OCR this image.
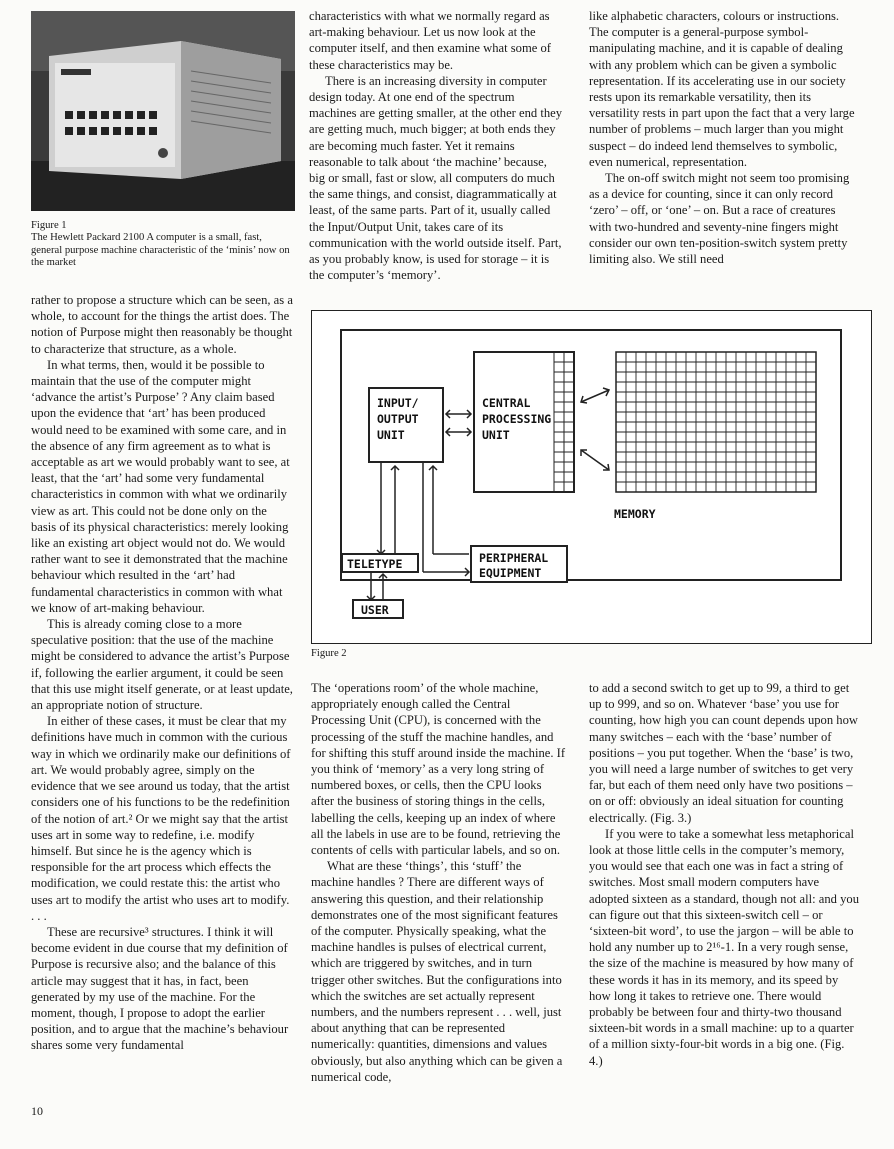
Figure 1
The Hewlett Packard 2100 A computer is a small, fast, general purpose machine characteristic of the ‘minis’ now on the market

characteristics with what we normally regard as art-making behaviour. Let us now look at the computer itself, and then examine what some of these characteristics may be.

There is an increasing diversity in computer design today. At one end of the spectrum machines are getting smaller, at the other end they are getting much, much bigger; at both ends they are becoming much faster. Yet it remains reasonable to talk about ‘the machine’ because, big or small, fast or slow, all computers do much the same things, and consist, diagrammatically at least, of the same parts. Part of it, usually called the Input/Output Unit, takes care of its communication with the world outside itself. Part, as you probably know, is used for storage – it is the computer’s ‘memory’.

like alphabetic characters, colours or instructions. The computer is a general-purpose symbol-manipulating machine, and it is capable of dealing with any problem which can be given a symbolic representation. If its accelerating use in our society rests upon its remarkable versatility, then its versatility rests in part upon the fact that a very large number of problems – much larger than you might suspect – do indeed lend themselves to symbolic, even numerical, representation.

The on-off switch might not seem too promising as a device for counting, since it can only record ‘zero’ – off, or ‘one’ – on. But a race of creatures with two-hundred and seventy-nine fingers might consider our own ten-position-switch system pretty limiting also. We still need

rather to propose a structure which can be seen, as a whole, to account for the things the artist does. The notion of Purpose might then reasonably be thought to characterize that structure, as a whole.

In what terms, then, would it be possible to maintain that the use of the computer might ‘advance the artist’s Purpose’ ? Any claim based upon the evidence that ‘art’ has been produced would need to be examined with some care, and in the absence of any firm agreement as to what is acceptable as art we would probably want to see, at least, that the ‘art’ had some very fundamental characteristics in common with what we ordinarily view as art. This could not be done only on the basis of its physical characteristics: merely looking like an existing art object would not do. We would rather want to see it demonstrated that the machine behaviour which resulted in the ‘art’ had fundamental characteristics in common with what we know of art-making behaviour.

This is already coming close to a more speculative position: that the use of the machine might be considered to advance the artist’s Purpose if, following the earlier argument, it could be seen that this use might itself generate, or at least update, an appropriate notion of structure.

In either of these cases, it must be clear that my definitions have much in common with the curious way in which we ordinarily make our definitions of art. We would probably agree, simply on the evidence that we see around us today, that the artist considers one of his functions to be the redefinition of the notion of art.² Or we might say that the artist uses art in some way to redefine, i.e. modify himself. But since he is the agency which is responsible for the art process which effects the modification, we could restate this: the artist who uses art to modify the artist who uses art to modify. . . .

These are recursive³ structures. I think it will become evident in due course that my definition of Purpose is recursive also; and the balance of this article may suggest that it has, in fact, been generated by my use of the machine. For the moment, though, I propose to adopt the earlier position, and to argue that the machine’s behaviour shares some very fundamental

INPUT/
OUTPUT
UNIT
CENTRAL
PROCESSING
UNIT
MEMORY
TELETYPE	PERIPHERAL
EQUIPMENT
USER
Figure 2

The ‘operations room’ of the whole machine, appropriately enough called the Central Processing Unit (CPU), is concerned with the processing of the stuff the machine handles, and for shifting this stuff around inside the machine. If you think of ‘memory’ as a very long string of numbered boxes, or cells, then the CPU looks after the business of storing things in the cells, labelling the cells, keeping up an index of where all the labels in use are to be found, retrieving the contents of cells with particular labels, and so on.

What are these ‘things’, this ‘stuff’ the machine handles ? There are different ways of answering this question, and their relationship demonstrates one of the most significant features of the computer. Physically speaking, what the machine handles is pulses of electrical current, which are triggered by switches, and in turn trigger other switches. But the configurations into which the switches are set actually represent numbers, and the numbers represent . . . well, just about anything that can be represented numerically: quantities, dimensions and values obviously, but also anything which can be given a numerical code,

to add a second switch to get up to 99, a third to get up to 999, and so on. Whatever ‘base’ you use for counting, how high you can count depends upon how many switches – each with the ‘base’ number of positions – you put together. When the ‘base’ is two, you will need a large number of switches to get very far, but each of them need only have two positions – on or off: obviously an ideal situation for counting electrically. (Fig. 3.)

If you were to take a somewhat less metaphorical look at those little cells in the computer’s memory, you would see that each one was in fact a string of switches. Most small modern computers have adopted sixteen as a standard, though not all: and you can figure out that this sixteen-switch cell – or ‘sixteen-bit word’, to use the jargon – will be able to hold any number up to 2¹⁶-1. In a very rough sense, the size of the machine is measured by how many of these words it has in its memory, and its speed by how long it takes to retrieve one. There would probably be between four and thirty-two thousand sixteen-bit words in a small machine: up to a quarter of a million sixty-four-bit words in a big one. (Fig. 4.)

10
